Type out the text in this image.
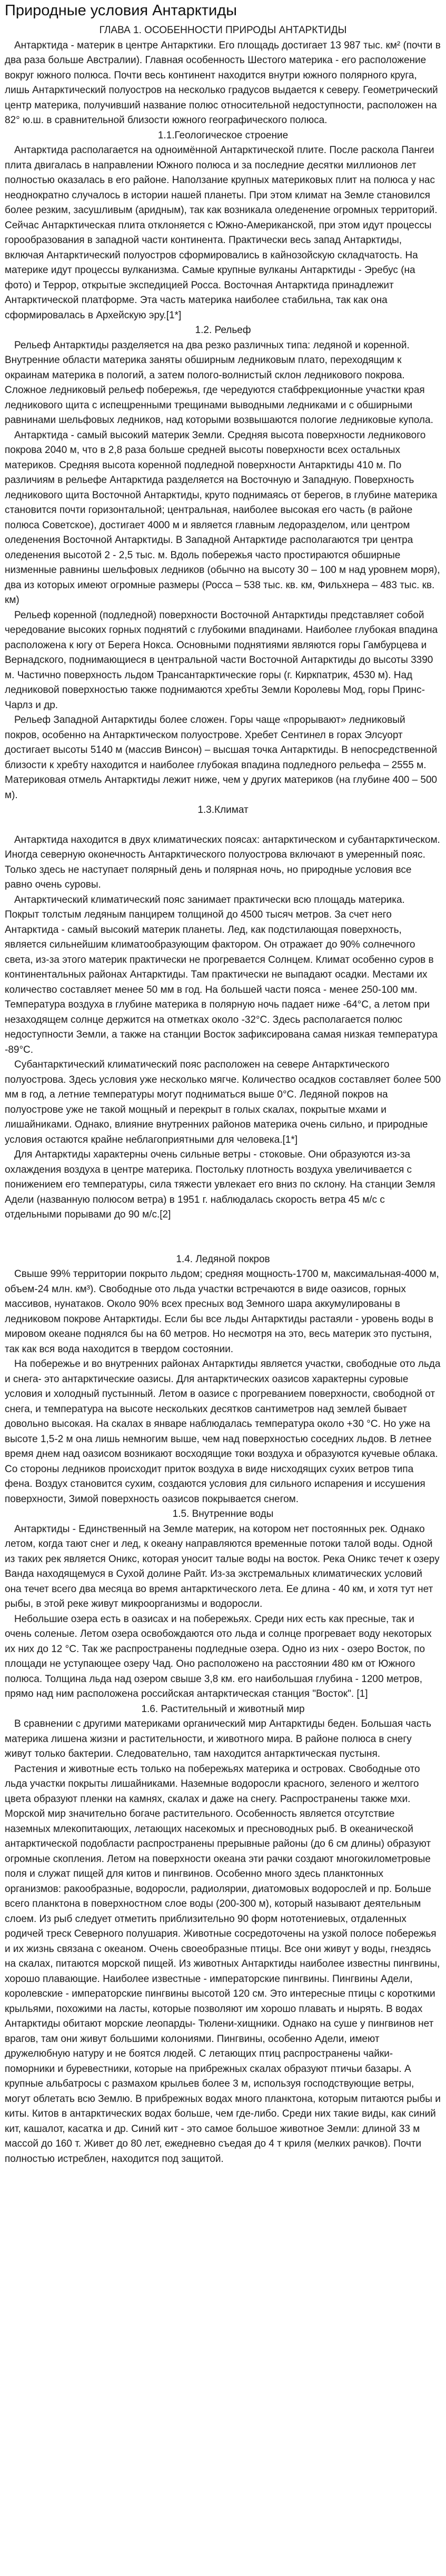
Природные условия Антарктиды
ГЛАВА 1. ОСОБЕННОСТИ ПРИРОДЫ АНТАРКТИДЫ

Антарктида - материк в центре Антарктики. Его площадь достигает 13 987 тыс. км² (почти в два раза больше Австралии). Главная особенность Шестого материка - его расположение вокруг южного полюса. Почти весь континент находится внутри южного полярного круга, лишь Антарктический полуостров на несколько градусов выдается к северу. Геометрический центр материка, получивший название полюс относительной недоступности, расположен на 82° ю.ш. в сравнительной близости южного географического полюса.

1.1.Геологическое строение

Антарктида располагается на одноимённой Антарктической плите. После раскола Пангеи плита двигалась в направлении Южного полюса и за последние десятки миллионов лет полностью оказалась в его районе. Наползание крупных материковых плит на полюса у нас неоднократно случалось в истории нашей планеты. При этом климат на Земле становился более резким, засушливым (аридным), так как возникала оледенение огромных территорий. Сейчас Антарктическая плита отклоняется с Южно-Американской, при этом идут процессы горообразования в западной части континента. Практически весь запад Антарктиды, включая Антарктический полуостров сформировались в кайнозойскую складчатость. На материке идут процессы вулканизма. Самые крупные вулканы Антарктиды - Эребус (на фото) и Террор, открытые экспедицией Росса. Восточная Антарктида принадлежит Антарктической платформе. Эта часть материка наиболее стабильна, так как она сформировалась в Архейскую эру.[1*]

1.2. Рельеф

Рельеф Антарктиды разделяется на два резко различных типа: ледяной и коренной. Внутренние области материка заняты обширным ледниковым плато, переходящим к окраинам материка в пологий, а затем пологo-волнистый склон ледникового покрова. Сложное ледниковый рельеф побережья, где чередуются стабфрекционные участки края ледникового щита с испещренными трещинами выводными ледниками и с обширными равнинами шельфовых ледников, над которыми возвышаются пологие ледниковые куполa.

Антарктида - самый высокий материк Земли. Средняя высота поверхности ледникового покрова 2040 м, что в 2,8 раза больше средней высоты поверхности всех остальных материков. Средняя высота коренной подледной поверхности Антарктиды 410 м. По различиям в рельефе Антарктида разделяется на Восточную и Западную. Поверхность ледникового щита Восточной Антарктиды, круто поднимаясь от берегов, в глубине материка становится почти горизонтальной; центральная, наиболее высокая его часть (в районе полюса Советское), достигает 4000 м и является главным ледоразделом, или центром оледенения Восточной Антарктиды. В Западной Антарктиде располагаются три центра оледенения высотой 2 - 2,5 тыс. м. Вдоль побережья часто простираются обширные низменные равнины шельфовых ледников (обычно на высоту 30 – 100 м над уровнем моря), два из которых имеют огромные размеры (Росса – 538 тыс. кв. км, Фильхнера – 483 тыс. кв. км)

Рельеф коренной (подледной) поверхности Восточной Антарктиды представляет собой чередование высоких горных поднятий с глубокими впадинами. Наиболее глубокая впадина расположена к югу от Берега Нокса. Основными поднятиями являются горы Гамбурцева и Вернадского, поднимающиеся в центральной части Восточной Антарктиды до высоты 3390 м. Частично поверхность льдом Трансантарктические горы (г. Киркпатрик, 4530 м). Над ледниковой поверхностью также поднимаются хребты Земли Королевы Мод, горы Принс-Чарлз и др.

Рельеф Западной Антарктиды более сложен. Горы чаще «прорывают» ледниковый покров, особенно на Антарктическом полуострове. Хребет Сентинел в горах Элсуорт достигает высоты 5140 м (массив Винсон) – высшая точка Антарктиды. В непосредственной близости к хребту находится и наиболее глубокая впадина подледного рельефа – 2555 м. Материковая отмель Антарктиды лежит ниже, чем у других материков (на глубине 400 – 500 м).

1.3.Климат

Антарктида находится в двух климатических поясах: антарктическом и субантарктическом. Иногда северную оконечность Антарктического полуострова включают в умеренный пояс. Только здесь не наступает полярный день и полярная ночь, но природные условия все равно очень суровы.

Антарктический климатический пояс занимает практически всю площадь материка. Покрыт толстым ледяным панцирем толщиной до 4500 тысяч метров. За счет него Антарктида - самый высокий материк планеты. Лед, как подстилающая поверхность, является сильнейшим климатообразующим фактором. Он отражает до 90% солнечного света, из-за этого материк практически не прогревается Солнцем. Климат особенно суров в континентальных районах Антарктиды. Там практически не выпадают осадки. Местами их количество составляет менее 50 мм в год. На большей части пояса - менее 250-100 мм. Температура воздуха в глубине материка в полярную ночь падает ниже -64°С, а летом при незаходящем солнце держится на отметках около -32°С. Здесь располагается полюс недоступности Земли, а также на станции Восток зафиксирована самая низкая температура -89°С.

Субантарктический климатический пояс расположен на севере Антарктического полуострова. Здесь условия уже несколько мягче. Количество осадков составляет более 500 мм в год, а летние температуры могут подниматься выше 0°С. Ледяной покров на полуострове уже не такой мощный и перекрыт в голых скалах, покрытые мхами и лишайниками. Однако, влияние внутренних районов материка очень сильно, и природные условия остаются крайне неблагоприятными для человека.[1*]

Для Антарктиды характерны очень сильные ветры - стоковые. Они образуются из-за охлаждения воздуха в центре материка. Постольку плотность воздуха увеличивается с понижением его температуры, сила тяжести увлекает его вниз по склону. На станции Земля Адели (названную полюсом ветра) в 1951 г. наблюдалась скорость ветра 45 м/с с отдельными порывами до 90 м/с.[2]

1.4. Ледяной покров

Свыше 99% территории покрыто льдом; средняя мощность-1700 м, максимальная-4000 м, объем-24 млн. км³). Свободные ото льда участки встречаются в виде оазисов, горных массивов, нунатаков. Около 90% всех пресных вод Земного шара аккумулированы в ледниковом покрове Антарктиды. Если бы все льды Антарктиды растаяли - уровень воды в мировом океане поднялся бы на 60 метров. Но несмотря на это, весь материк это пустыня, так как вся вода находится в твердом состоянии.

На побережье и во внутренних районах Антарктиды является участки, свободные ото льда и снега- это антарктические оазисы. Для антарктических оазисов характерны суровые условия и холодный пустынный. Летом в оазисе с прогреванием поверхности, свободной от снега, и температура на высоте нескольких десятков сантиметров над землей бывает довольно высокая. На скалах в январе наблюдалась температура около +30 °С. Но уже на высоте 1,5-2 м она лишь немногим выше, чем над поверхностью соседних льдов. В летнее время днем над оазисом возникают восходящие токи воздуха и образуются кучевые облака. Со стороны ледников происходит приток воздуха в виде нисходящих сухих ветров типа фена. Воздух становится сухим, создаются условия для сильного испарения и иссушения поверхности, Зимой поверхность оазисов покрывается снегом.

1.5. Внутренние воды

Антарктиды - Единственный на Земле материк, на котором нет постоянных рек. Однако летом, когда тают снег и лед, к океану направляются временные потоки талой воды. Одной из таких рек является Оникс, которая уносит талые воды на восток. Река Оникс течет к озеру Ванда находящемуся в Сухой долине Райт. Из-за экстремальных климатических условий она течет всего два месяца во время антарктического лета. Ее длина - 40 км, и хотя тут нет рыбы, в этой реке живут микроорганизмы и водоросли.

Небольшие озера есть в оазисах и на побережьях. Среди них есть как пресные, так и очень соленые. Летом озера освобождаются ото льда и солнце прогревает воду некоторых их них до 12 °С. Так же распространены подледные озера. Одно из них - озеро Восток, по площади не уступающее озеру Чад. Оно расположено на расстоянии 480 км от Южного полюса. Толщина льда над озером свыше 3,8 км. его наибольшая глубина - 1200 метров, прямо над ним расположена российская антарктическая станция "Восток". [1]

1.6. Растительный и животный мир

В сравнении с другими материками органический мир Антарктиды беден. Большая часть материка лишена жизни и растительности, и животного мира. В районе полюса в снегу живут только бактерии. Следовательно, там находится антарктическая пустыня.

Растения и животные есть только на побережьях материка и островах. Свободные ото льда участки покрыты лишайниками. Наземные водоросли красного, зеленого и желтого цвета образуют пленки на камнях, скалах и даже на снегу. Распространены также мхи. Морской мир значительно богаче растительного. Особенность является отсутствие наземных млекопитающих, летающих насекомых и пресноводных рыб. В океанической антарктической подобласти распространены прерывные районы (до 6 см длины) образуют огромные скопления. Летом на поверхности океана эти рачки создают многокилометровые поля и служат пищей для китов и пингвинов. Особенно много здесь планктонных организмов: ракообразные, водоросли, радиолярии, диатомовых водорослей и пр. Больше всего планктона в поверхностном слое воды (200-300 м), который называют деятельным слоем. Из рыб следует отметить приблизительно 90 форм нототениевых, отдаленных родичей треск Северного полушария. Животные сосредоточены на узкой полосе побережья и их жизнь связана с океаном. Очень своеобразные птицы. Все они живут у воды, гнездясь на скалах, питаются морской пищей. Из животных Антарктиды наиболее известны пингвины, хорошо плавающие. Наиболее известные - императорские пингвины. Пингвины Адели, королевские - императорские пингвины высотой 120 см. Это интересные птицы с короткими крыльями, похожими на ласты, которые позволяют им хорошо плавать и нырять. В водах Антарктиды обитают морские леопарды- Тюлени-хищники. Однако на суше у пингвинов нет врагов, там они живут большими колониями. Пингвины, особенно Адели, имеют дружелюбную натуру и не боятся людей. С летающих птиц распространены чайки-поморники и буревестники, которые на прибрежных скалах образуют птичьи базары. А крупные альбатросы с размахом крыльев более 3 м, используя господствующие ветры, могут облетать всю Землю. В прибрежных водах много планктона, которым питаются рыбы и киты. Китов в антарктических водах больше, чем где-либо. Среди них такие виды, как синий кит, кашалот, касатка и др. Синий кит - это самое большое животное Земли: длиной 33 м массой до 160 т. Живет до 80 лет, ежедневно съедая до 4 т криля (мелких рачков). Почти полностью истреблен, находится под защитой.
